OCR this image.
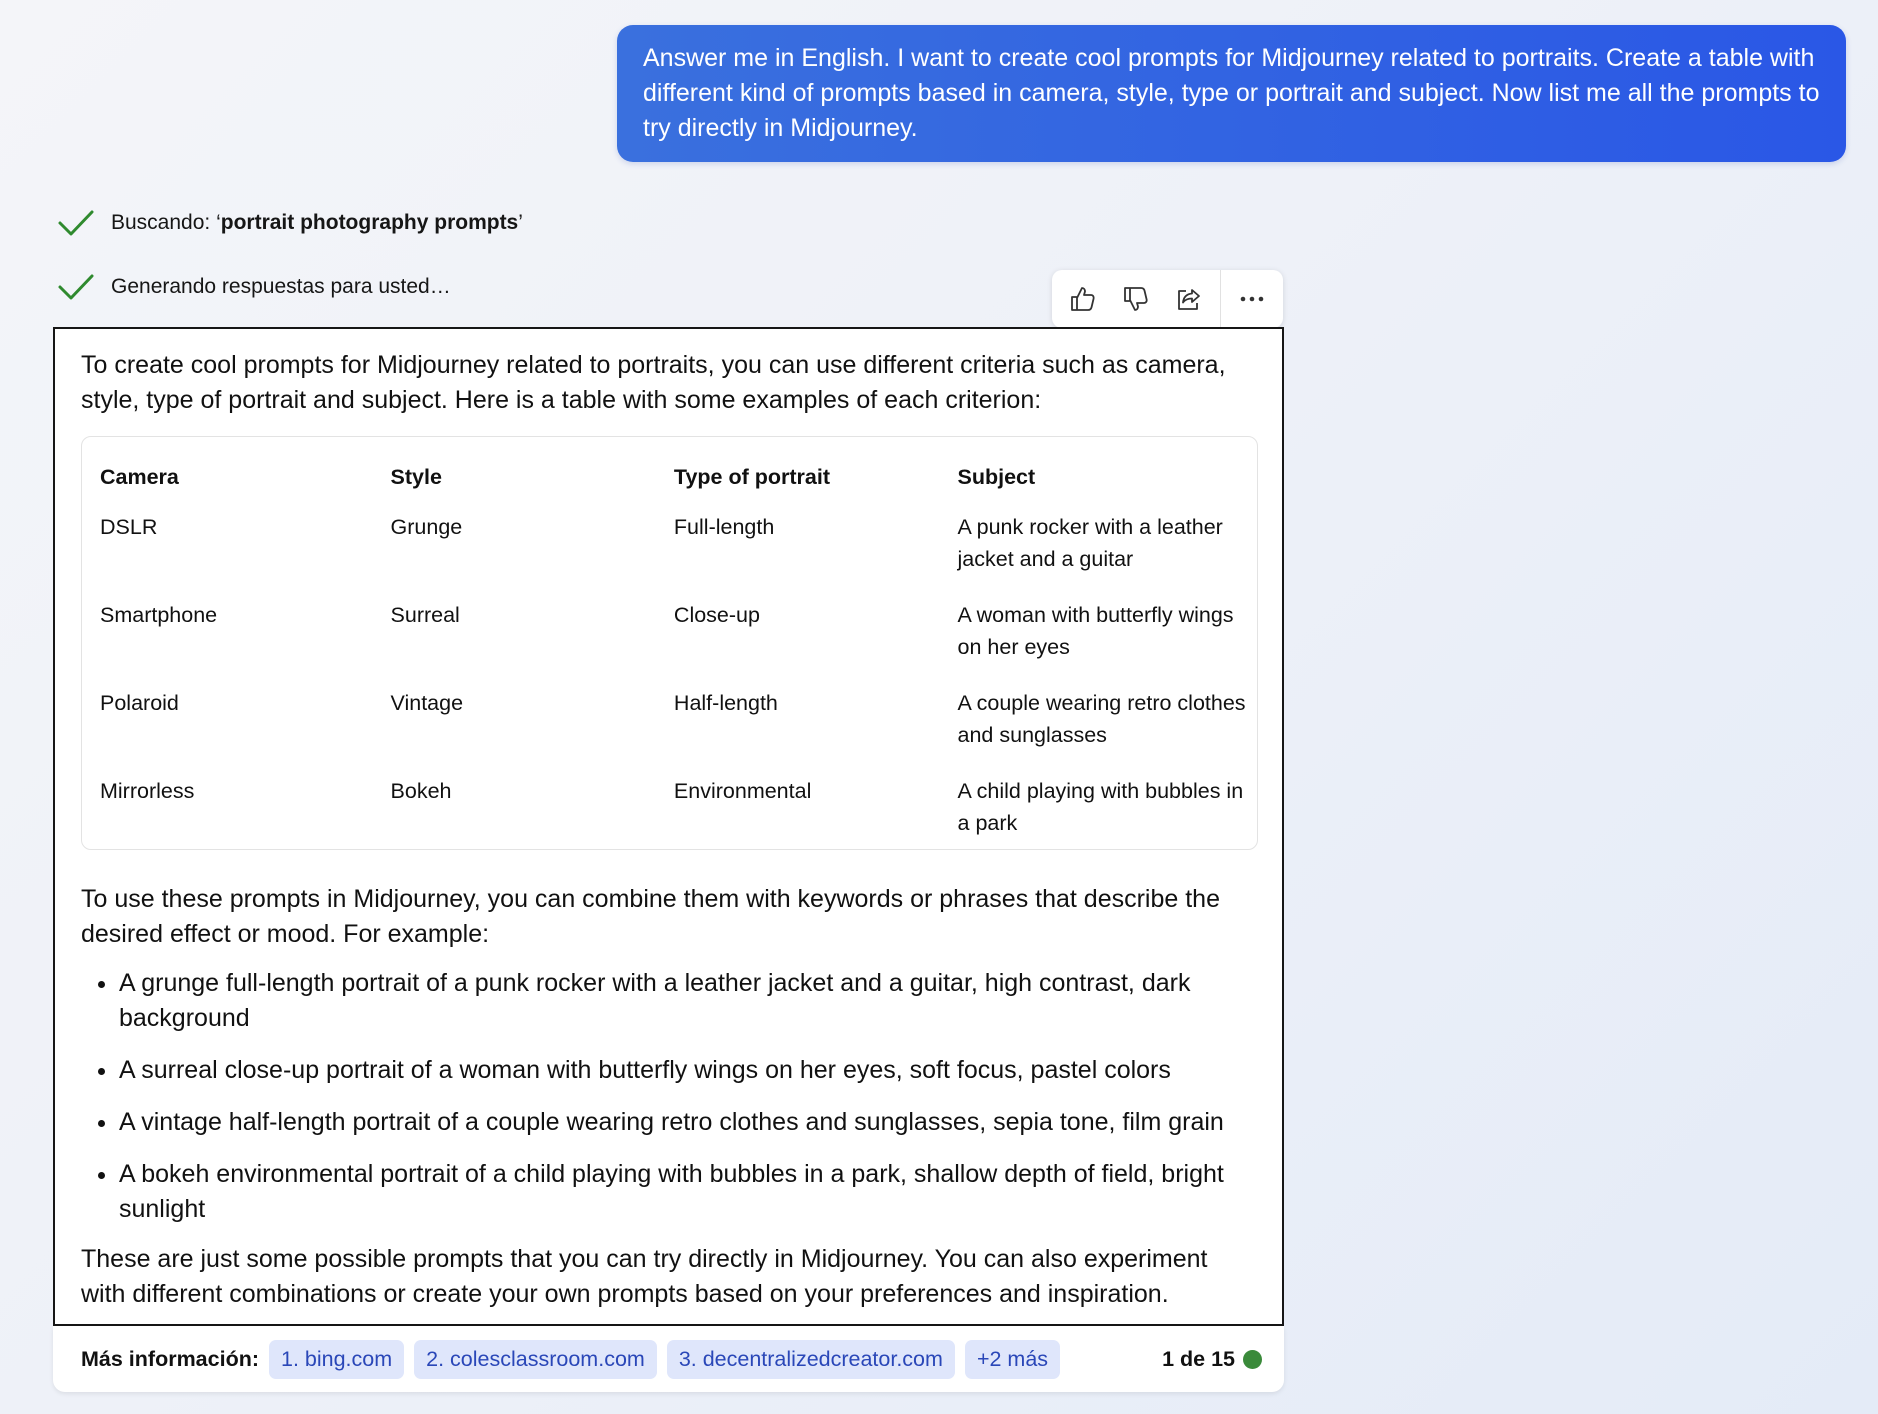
Answer me in English. I want to create cool prompts for Midjourney related to portraits. Create a table with different kind of prompts based in camera, style, type or portrait and subject. Now list me all the prompts to try directly in Midjourney.
Buscando: ‘portrait photography prompts’
Generando respuestas para usted…

To create cool prompts for Midjourney related to portraits, you can use different criteria such as camera, style, type of portrait and subject. Here is a table with some examples of each criterion:

Camera	Style	Type of portrait	Subject
DSLR	Grunge	Full-length	A punk rocker with a leather jacket and a guitar
Smartphone	Surreal	Close-up	A woman with butterfly wings on her eyes
Polaroid	Vintage	Half-length	A couple wearing retro clothes and sunglasses
Mirrorless	Bokeh	Environmental	A child playing with bubbles in a park

To use these prompts in Midjourney, you can combine them with keywords or phrases that describe the desired effect or mood. For example:

• A grunge full-length portrait of a punk rocker with a leather jacket and a guitar, high contrast, dark background
• A surreal close-up portrait of a woman with butterfly wings on her eyes, soft focus, pastel colors
• A vintage half-length portrait of a couple wearing retro clothes and sunglasses, sepia tone, film grain
• A bokeh environmental portrait of a child playing with bubbles in a park, shallow depth of field, bright sunlight

These are just some possible prompts that you can try directly in Midjourney. You can also experiment with different combinations or create your own prompts based on your preferences and inspiration.

Más información:	1. bing.com	2. colesclassroom.com	3. decentralizedcreator.com	+2 más	1 de 15
